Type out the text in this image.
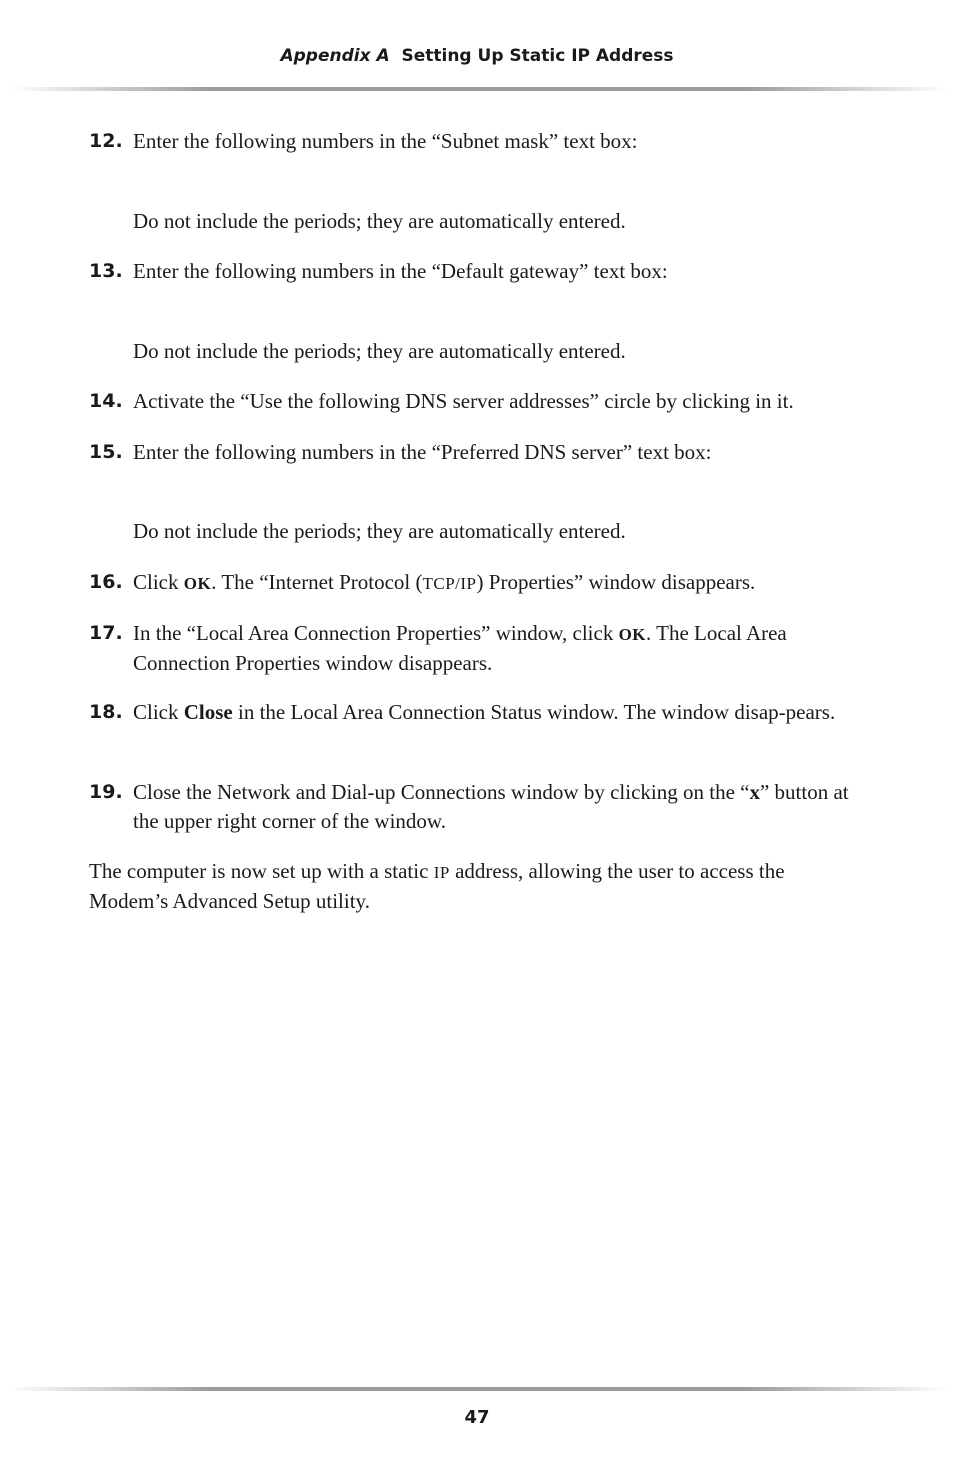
Appendix A Setting Up Static IP Address
12. Enter the following numbers in the “Subnet mask” text box:
Do not include the periods; they are automatically entered.
13. Enter the following numbers in the “Default gateway” text box:
Do not include the periods; they are automatically entered.
14. Activate the “Use the following DNS server addresses” circle by clicking in it.
15. Enter the following numbers in the “Preferred DNS server” text box:
Do not include the periods; they are automatically entered.
16. Click OK. The “Internet Protocol (TCP/IP) Properties” window disappears.
17. In the “Local Area Connection Properties” window, click OK. The Local Area Connection Properties window disappears.
18. Click Close in the Local Area Connection Status window. The window disap-pears.
19. Close the Network and Dial-up Connections window by clicking on the “x” button at the upper right corner of the window.
The computer is now set up with a static IP address, allowing the user to access the Modem’s Advanced Setup utility.
47
